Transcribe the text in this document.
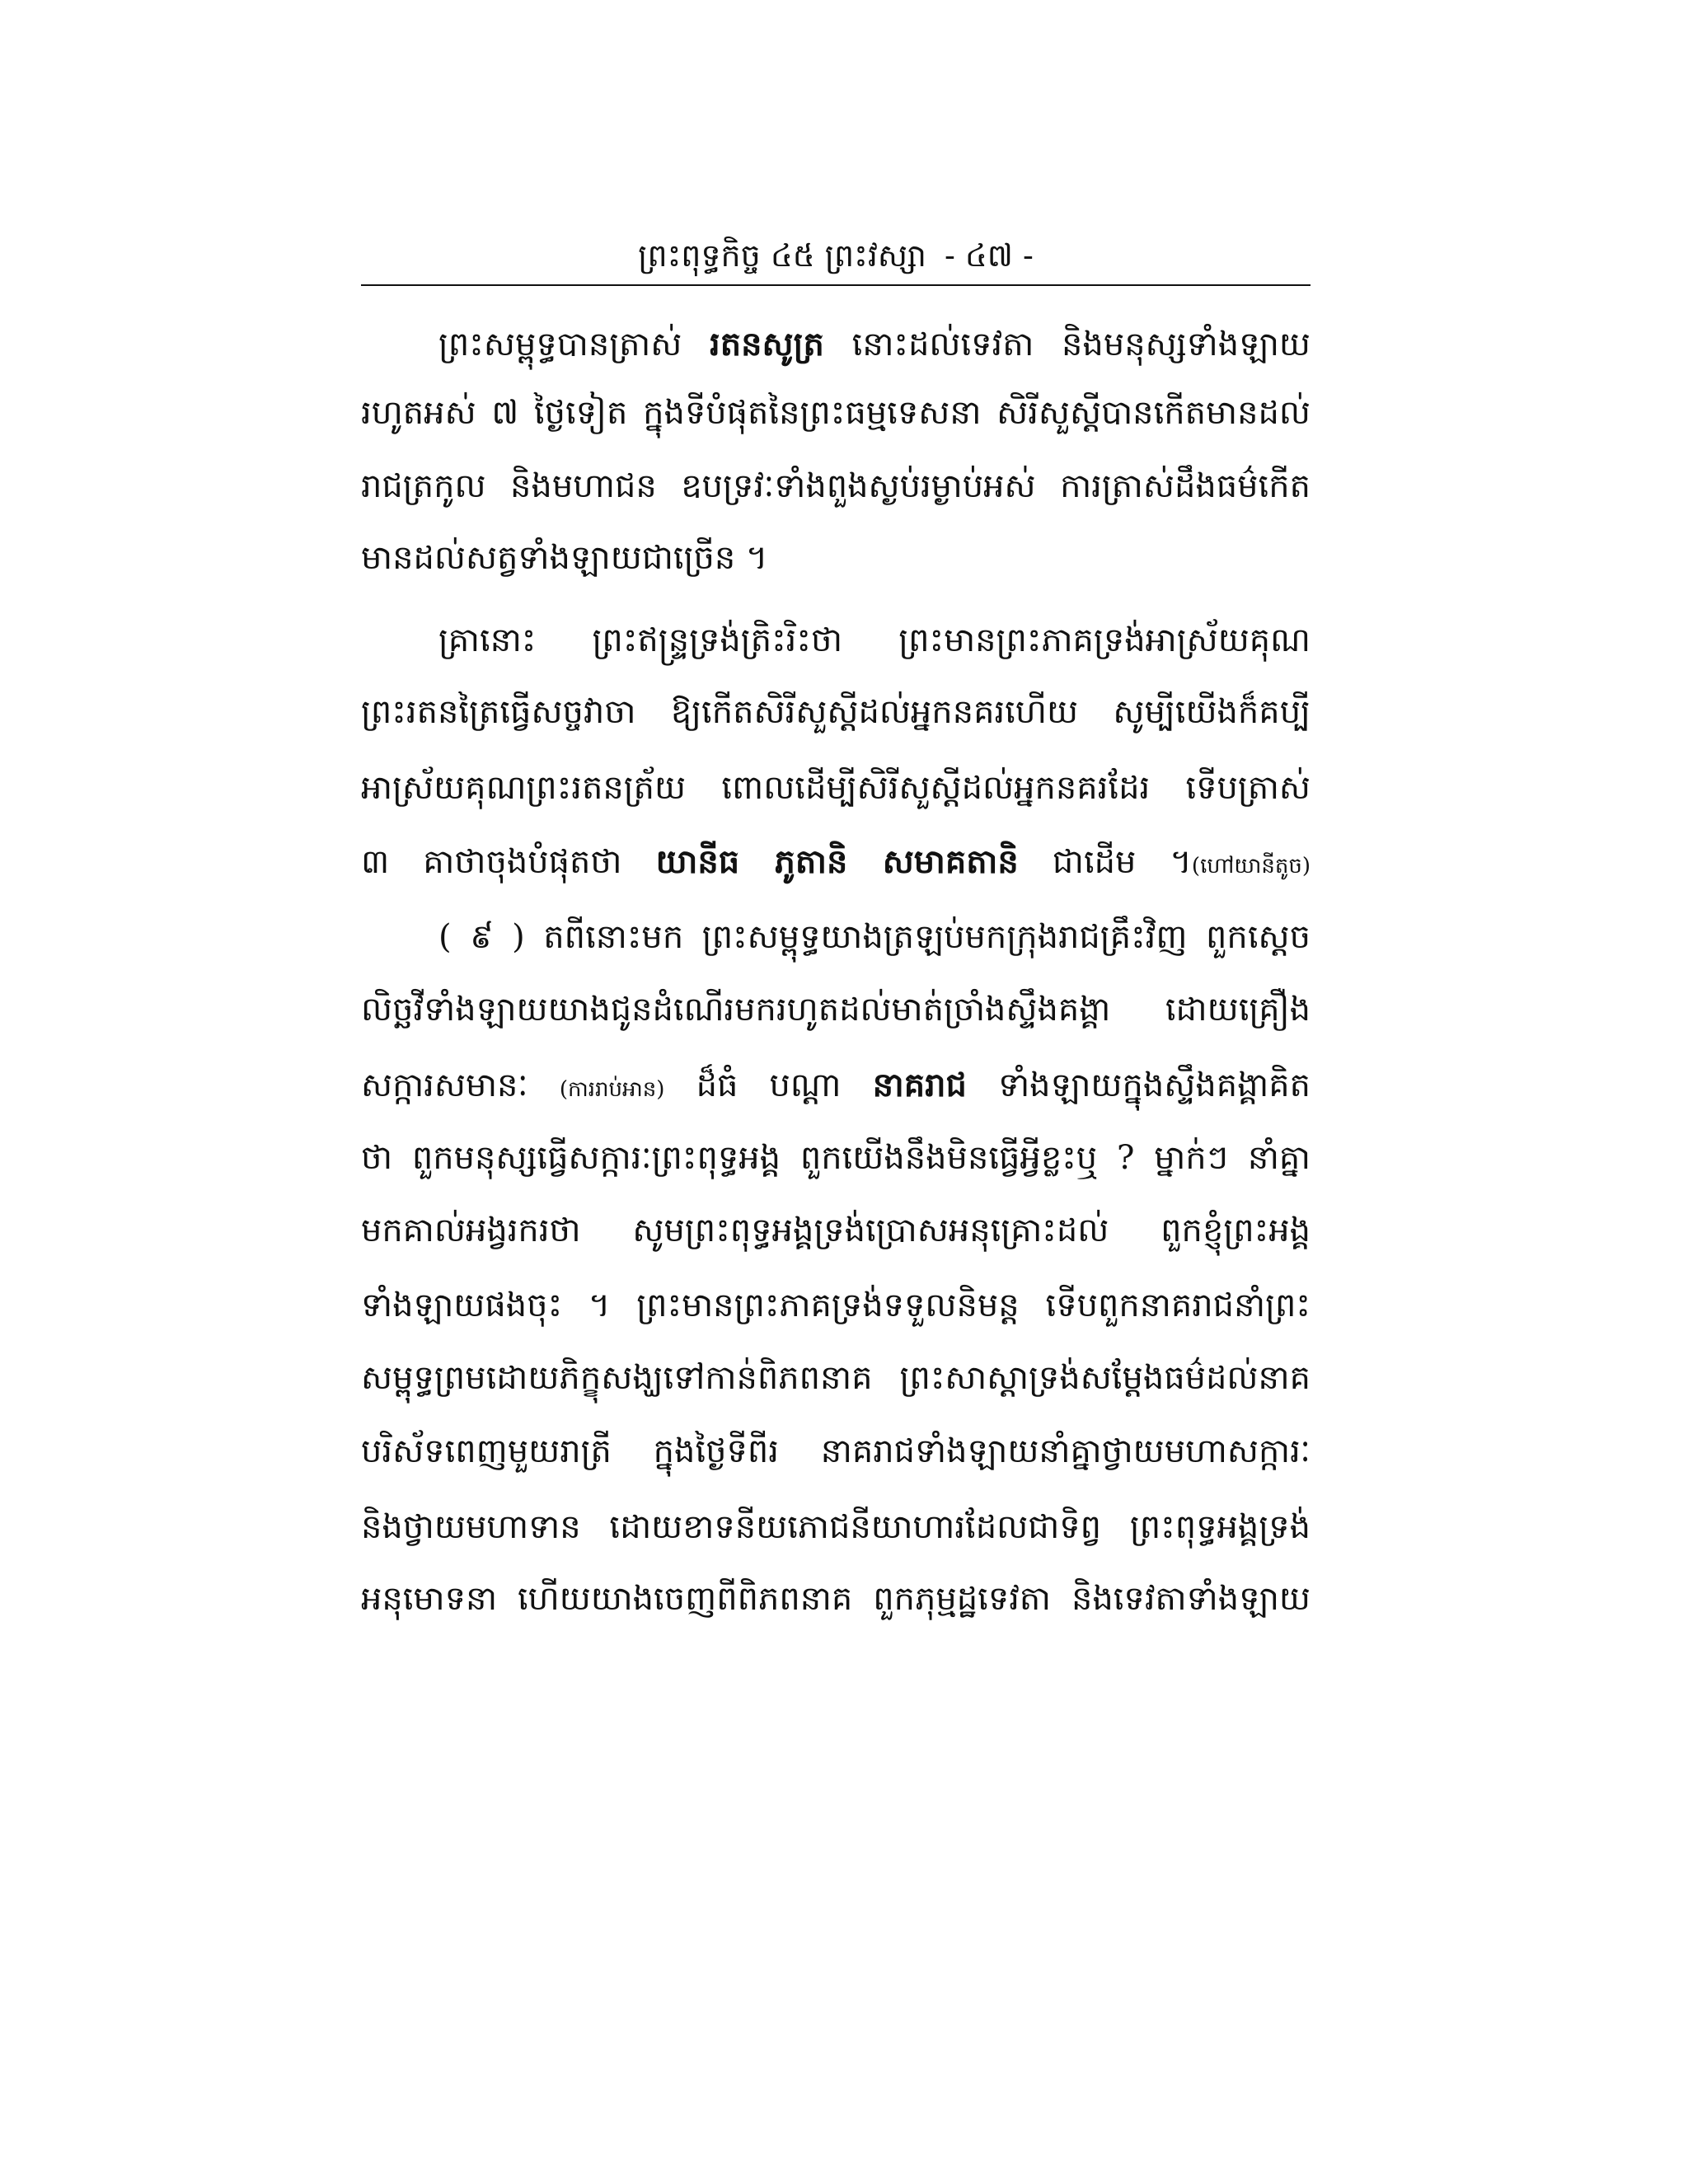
ព្រះពុទ្ធកិច្ច ៤៥ ព្រះវស្សា - ៤៧ -
ព្រះសម្ពុទ្ធបានត្រាស់ រតនសូត្រ នោះដល់ទេវតា និងមនុស្សទាំងឡាយ
រហូតអស់ ៧ ថ្ងៃទៀត ក្នុងទីបំផុតនៃព្រះធម្មទេសនា សិរីសួស្តីបានកើតមានដល់
រាជត្រកូល និងមហាជន ឧបទ្រវៈទាំងពួងស្ងប់រម្ងាប់អស់ ការត្រាស់ដឹងធម៌កើត
មានដល់សត្វទាំងឡាយជាច្រើន ។
គ្រានោះ ព្រះឥន្ទ្រទ្រង់ត្រិះរិះថា ព្រះមានព្រះភាគទ្រង់អាស្រ័យគុណ
ព្រះរតនត្រៃធ្វើសច្ចវាចា ឱ្យកើតសិរីសួស្តីដល់អ្នកនគរហើយ សូម្បីយើងក៏គប្បី
អាស្រ័យគុណព្រះរតនត្រ័យ ពោលដើម្បីសិរីសួស្តីដល់អ្នកនគរដែរ ទើបត្រាស់
៣ គាថាចុងបំផុតថា យានីធ ភូតានិ សមាគតានិ ជាដើម ។(ហៅយានីតូច)
( ៩ ) តពីនោះមក ព្រះសម្ពុទ្ធយាងត្រឡប់មកក្រុងរាជគ្រឹះវិញ ពួកស្តេច
លិច្ឆវីទាំងឡាយយាងជូនដំណើរមករហូតដល់មាត់ច្រាំងស្ទឹងគង្គា ដោយគ្រឿង
សក្ការសមានៈ (ការរាប់អាន) ដ៏ធំ បណ្តា នាគរាជ ទាំងឡាយក្នុងស្ទឹងគង្គាគិត
ថា ពួកមនុស្សធ្វើសក្ការៈព្រះពុទ្ធអង្គ ពួកយើងនឹងមិនធ្វើអ្វីខ្លះឬ ? ម្នាក់ៗ នាំគ្នា
មកគាល់អង្វរករថា សូមព្រះពុទ្ធអង្គទ្រង់ប្រោសអនុគ្រោះដល់ ពួកខ្ញុំព្រះអង្គ
ទាំងឡាយផងចុះ ។ ព្រះមានព្រះភាគទ្រង់ទទួលនិមន្ត ទើបពួកនាគរាជនាំព្រះ
សម្ពុទ្ធព្រមដោយភិក្ខុសង្ឃទៅកាន់ពិភពនាគ ព្រះសាស្តាទ្រង់សម្តែងធម៌ដល់នាគ
បរិស័ទពេញមួយរាត្រី ក្នុងថ្ងៃទីពីរ នាគរាជទាំងឡាយនាំគ្នាថ្វាយមហាសក្ការៈ
និងថ្វាយមហាទាន ដោយខាទនីយភោជនីយាហារដែលជាទិព្វ ព្រះពុទ្ធអង្គទ្រង់
អនុមោទនា ហើយយាងចេញពីពិភពនាគ ពួកភុម្មដ្ឋទេវតា និងទេវតាទាំងឡាយ
